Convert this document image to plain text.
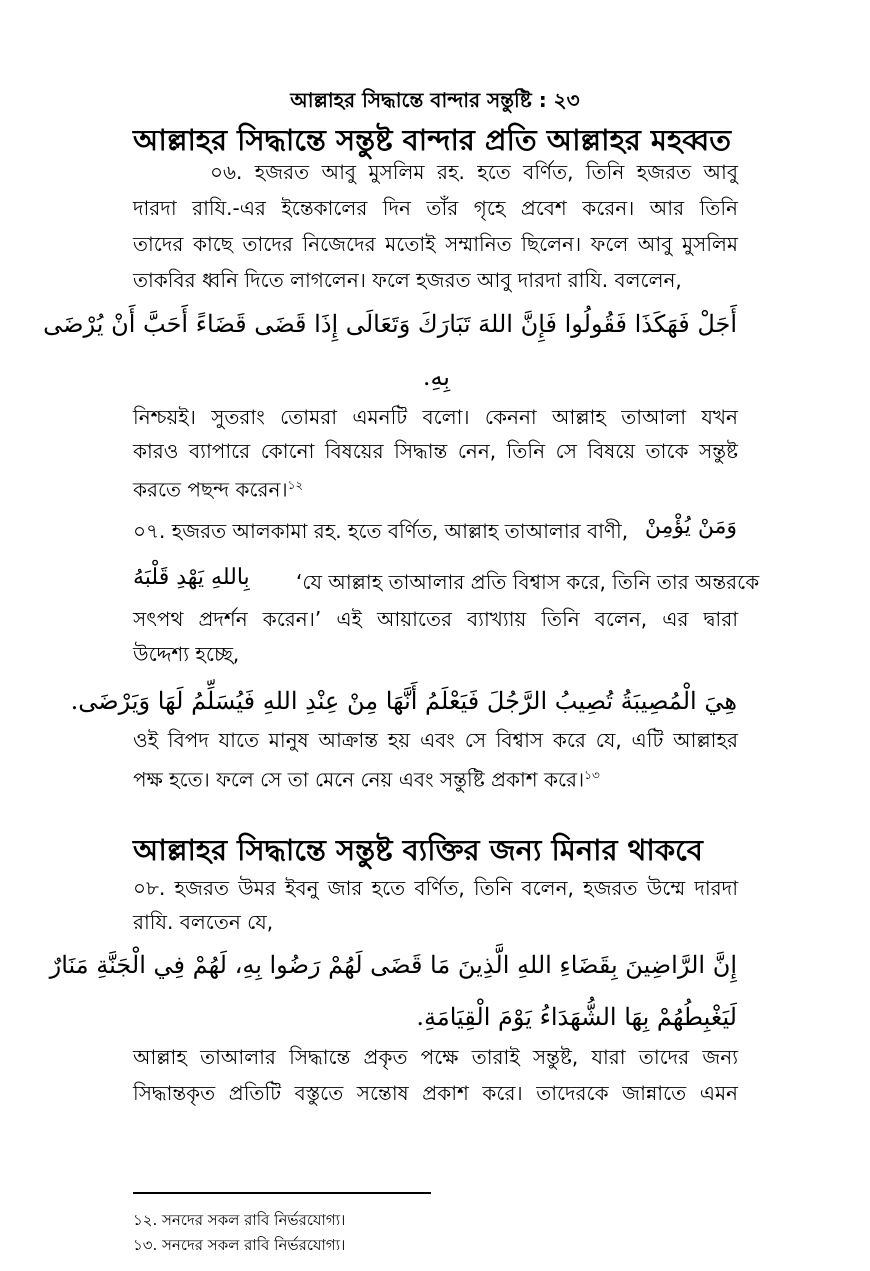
আল্লাহর সিদ্ধান্তে বান্দার সন্তুষ্টি : ২৩
আল্লাহর সিদ্ধান্তে সন্তুষ্ট বান্দার প্রতি আল্লাহর মহব্বত
০৬. হজরত আবু মুসলিম রহ. হতে বর্ণিত, তিনি হজরত আবু
দারদা রাযি.-এর ইন্তেকালের দিন তাঁর গৃহে প্রবেশ করেন। আর তিনি
তাদের কাছে তাদের নিজেদের মতোই সম্মানিত ছিলেন। ফলে আবু মুসলিম
তাকবির ধ্বনি দিতে লাগলেন। ফলে হজরত আবু দারদা রাযি. বললেন,
أَجَلْ فَهَكَذَا فَقُولُوا فَإِنَّ اللهَ تَبَارَكَ وَتَعَالَى إِذَا قَضَى قَضَاءً أَحَبَّ أَنْ يُرْضَى
بِهِ.
নিশ্চয়ই। সুতরাং তোমরা এমনটি বলো। কেননা আল্লাহ তাআলা যখন
কারও ব্যাপারে কোনো বিষয়ের সিদ্ধান্ত নেন, তিনি সে বিষয়ে তাকে সন্তুষ্ট
করতে পছন্দ করেন।$^{১২}$
০৭. হজরত আলকামা রহ. হতে বর্ণিত, আল্লাহ তাআলার বাণী, وَمَنْ يُؤْمِنْ
بِاللهِ يَهْدِ قَلْبَهُ ‘যে আল্লাহ তাআলার প্রতি বিশ্বাস করে, তিনি তার অন্তরকে
সৎপথ প্রদর্শন করেন।’ এই আয়াতের ব্যাখ্যায় তিনি বলেন, এর দ্বারা
উদ্দেশ্য হচ্ছে,
هِيَ الْمُصِيبَةُ تُصِيبُ الرَّجُلَ فَيَعْلَمُ أَنَّهَا مِنْ عِنْدِ اللهِ فَيُسَلِّمُ لَهَا وَيَرْضَى.
ওই বিপদ যাতে মানুষ আক্রান্ত হয় এবং সে বিশ্বাস করে যে, এটি আল্লাহর
পক্ষ হতে। ফলে সে তা মেনে নেয় এবং সন্তুষ্টি প্রকাশ করে।$^{১৩}$
আল্লাহর সিদ্ধান্তে সন্তুষ্ট ব্যক্তির জন্য মিনার থাকবে
০৮. হজরত উমর ইবনু জার হতে বর্ণিত, তিনি বলেন, হজরত উম্মে দারদা
রাযি. বলতেন যে,
إِنَّ الرَّاضِينَ بِقَضَاءِ اللهِ الَّذِينَ مَا قَضَى لَهُمْ رَضُوا بِهِ، لَهُمْ فِي الْجَنَّةِ مَنَارٌ
لَيَغْبِطُهُمْ بِهَا الشُّهَدَاءُ يَوْمَ الْقِيَامَةِ.
আল্লাহ তাআলার সিদ্ধান্তে প্রকৃত পক্ষে তারাই সন্তুষ্ট, যারা তাদের জন্য
সিদ্ধান্তকৃত প্রতিটি বস্তুতে সন্তোষ প্রকাশ করে। তাদেরকে জান্নাতে এমন
১২. সনদের সকল রাবি নির্ভরযোগ্য।
১৩. সনদের সকল রাবি নির্ভরযোগ্য।
